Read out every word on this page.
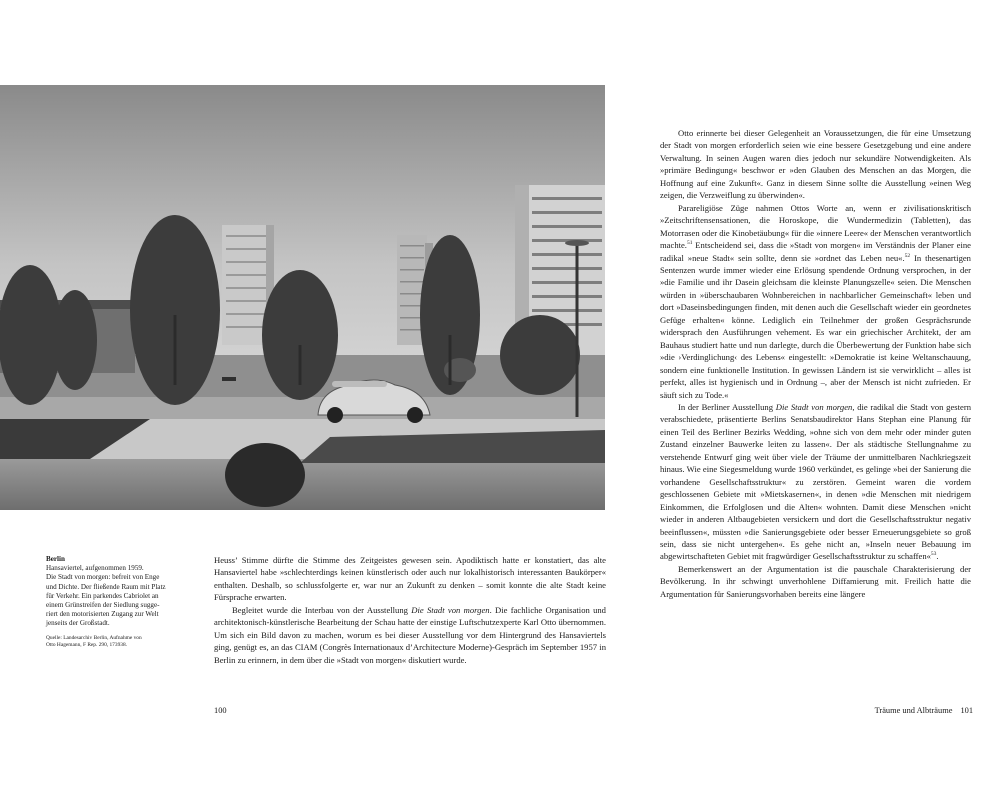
Berlin
Hansaviertel, aufgenommen 1959.
Die Stadt von morgen: befreit von Enge
und Dichte. Der fließende Raum mit Platz
für Verkehr. Ein parkendes Cabriolet an
einem Grünstreifen der Siedlung sugge-
riert den motorisierten Zugang zur Welt
jenseits der Großstadt.
Quelle: Landesarchiv Berlin, Aufnahme von
Otto Hagemann, F Rep. 290, 173938.

Heuss’ Stimme dürfte die Stimme des Zeitgeistes gewesen sein. Apodiktisch hatte er konstatiert, das alte Hansaviertel habe »schlechterdings keinen künstlerisch oder auch nur lokalhistorisch interessanten Baukörper« enthalten. Deshalb, so schlussfolgerte er, war nur an Zukunft zu denken – somit konnte die alte Stadt keine Fürsprache erwarten.

Begleitet wurde die Interbau von der Ausstellung Die Stadt von morgen. Die fachliche Organisation und architektonisch-künstlerische Bearbeitung der Schau hatte der einstige Luftschutzexperte Karl Otto übernommen. Um sich ein Bild davon zu machen, worum es bei dieser Ausstellung vor dem Hintergrund des Hansaviertels ging, genügt es, an das CIAM (Congrès Internationaux d’Architecture Moderne)-Gespräch im September 1957 in Berlin zu erinnern, in dem über die »Stadt von morgen« diskutiert wurde.

Otto erinnerte bei dieser Gelegenheit an Voraussetzungen, die für eine Umsetzung der Stadt von morgen erforderlich seien wie eine bessere Gesetzgebung und eine andere Verwaltung. In seinen Augen waren dies jedoch nur sekundäre Notwendigkeiten. Als »primäre Bedingung« beschwor er »den Glauben des Menschen an das Morgen, die Hoffnung auf eine Zukunft«. Ganz in diesem Sinne sollte die Ausstellung »einen Weg zeigen, die Verzweiflung zu überwinden«.

Parareligiöse Züge nahmen Ottos Worte an, wenn er zivilisationskritisch »Zeitschriftensensationen, die Horoskope, die Wundermedizin (Tabletten), das Motorrasen oder die Kinobetäubung« für die »innere Leere« der Menschen verantwortlich machte.$^{51}$ Entscheidend sei, dass die »Stadt von morgen« im Verständnis der Planer eine radikal »neue Stadt« sein sollte, denn sie »ordnet das Leben neu«.$^{52}$ In thesenartigen Sentenzen wurde immer wieder eine Erlösung spendende Ordnung versprochen, in der »die Familie und ihr Dasein gleichsam die kleinste Planungszelle« seien. Die Menschen würden in »überschaubaren Wohnbereichen in nachbarlicher Gemeinschaft« leben und dort »Daseinsbedingungen finden, mit denen auch die Gesellschaft wieder ein geordnetes Gefüge erhalten« könne. Lediglich ein Teilnehmer der großen Gesprächsrunde widersprach den Ausführungen vehement. Es war ein griechischer Architekt, der am Bauhaus studiert hatte und nun darlegte, durch die Überbewertung der Funktion habe sich »die ›Verdinglichung‹ des Lebens« eingestellt: »Demokratie ist keine Weltanschauung, sondern eine funktionelle Institution. In gewissen Ländern ist sie verwirklicht – alles ist perfekt, alles ist hygienisch und in Ordnung –, aber der Mensch ist nicht zufrieden. Er säuft sich zu Tode.«

In der Berliner Ausstellung Die Stadt von morgen, die radikal die Stadt von gestern verabschiedete, präsentierte Berlins Senatsbaudirektor Hans Stephan eine Planung für einen Teil des Berliner Bezirks Wedding, »ohne sich von dem mehr oder minder guten Zustand einzelner Bauwerke leiten zu lassen«. Der als städtische Stellungnahme zu verstehende Entwurf ging weit über viele der Träume der unmittelbaren Nachkriegszeit hinaus. Wie eine Siegesmeldung wurde 1960 verkündet, es gelinge »bei der Sanierung die vorhandene Gesellschaftsstruktur« zu zerstören. Gemeint waren die vordem geschlossenen Gebiete mit »Mietskasernen«, in denen »die Menschen mit niedrigem Einkommen, die Erfolglosen und die Alten« wohnten. Damit diese Menschen »nicht wieder in anderen Altbaugebieten versickern und dort die Gesellschaftsstruktur negativ beeinflussen«, müssten »die Sanierungsgebiete oder besser Erneuerungsgebiete so groß sein, dass sie nicht untergehen«. Es gehe nicht an, »Inseln neuer Bebauung im abgewirtschafteten Gebiet mit fragwürdiger Gesellschaftsstruktur zu schaffen«$^{53}$.

Bemerkenswert an der Argumentation ist die pauschale Charakterisierung der Bevölkerung. In ihr schwingt unverhohlene Diffamierung mit. Freilich hatte die Argumentation für Sanierungsvorhaben bereits eine längere

100	Träume und Albträume 101
